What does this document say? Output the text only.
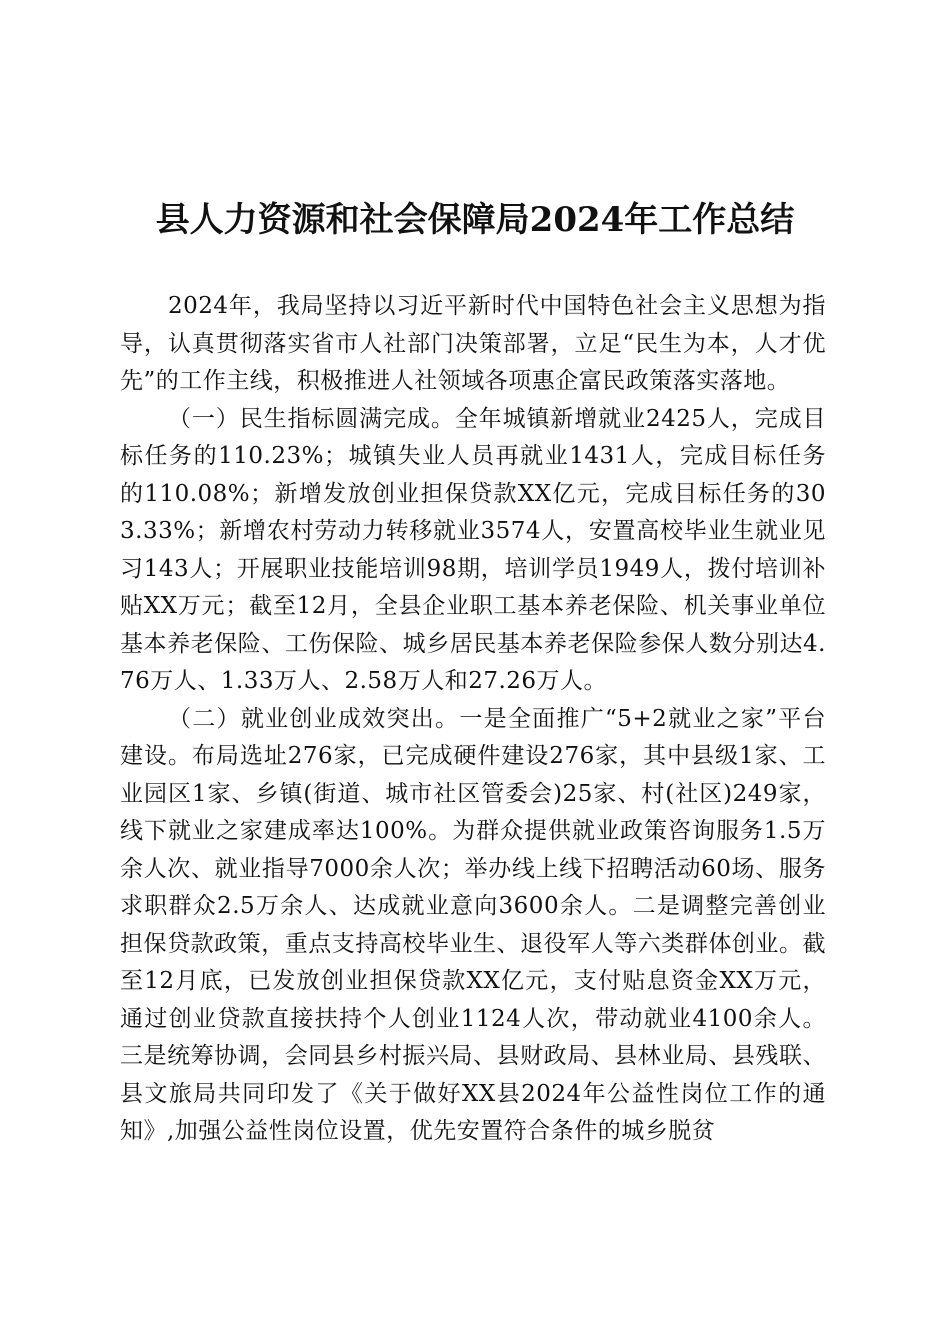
县人力资源和社会保障局2024年工作总结

2024年，我局坚持以习近平新时代中国特色社会主义思想为指导，认真贯彻落实省市人社部门决策部署，立足“民生为本，人才优先”的工作主线，积极推进人社领域各项惠企富民政策落实落地。

（一）民生指标圆满完成。全年城镇新增就业2425人，完成目标任务的110.23%；城镇失业人员再就业1431人，完成目标任务的110.08%；新增发放创业担保贷款XX亿元，完成目标任务的303.33%；新增农村劳动力转移就业3574人，安置高校毕业生就业见习143人；开展职业技能培训98期，培训学员1949人，拨付培训补贴XX万元；截至12月，全县企业职工基本养老保险、机关事业单位基本养老保险、工伤保险、城乡居民基本养老保险参保人数分别达4.76万人、1.33万人、2.58万人和27.26万人。

（二）就业创业成效突出。一是全面推广“5+2就业之家”平台建设。布局选址276家，已完成硬件建设276家，其中县级1家、工业园区1家、乡镇(街道、城市社区管委会)25家、村(社区)249家，线下就业之家建成率达100%。为群众提供就业政策咨询服务1.5万余人次、就业指导7000余人次；举办线上线下招聘活动60场、服务求职群众2.5万余人、达成就业意向3600余人。二是调整完善创业担保贷款政策，重点支持高校毕业生、退役军人等六类群体创业。截至12月底，已发放创业担保贷款XX亿元，支付贴息资金XX万元，通过创业贷款直接扶持个人创业1124人次，带动就业4100余人。三是统筹协调，会同县乡村振兴局、县财政局、县林业局、县残联、县文旅局共同印发了《关于做好XX县2024年公益性岗位工作的通知》,加强公益性岗位设置，优先安置符合条件的城乡脱贫
